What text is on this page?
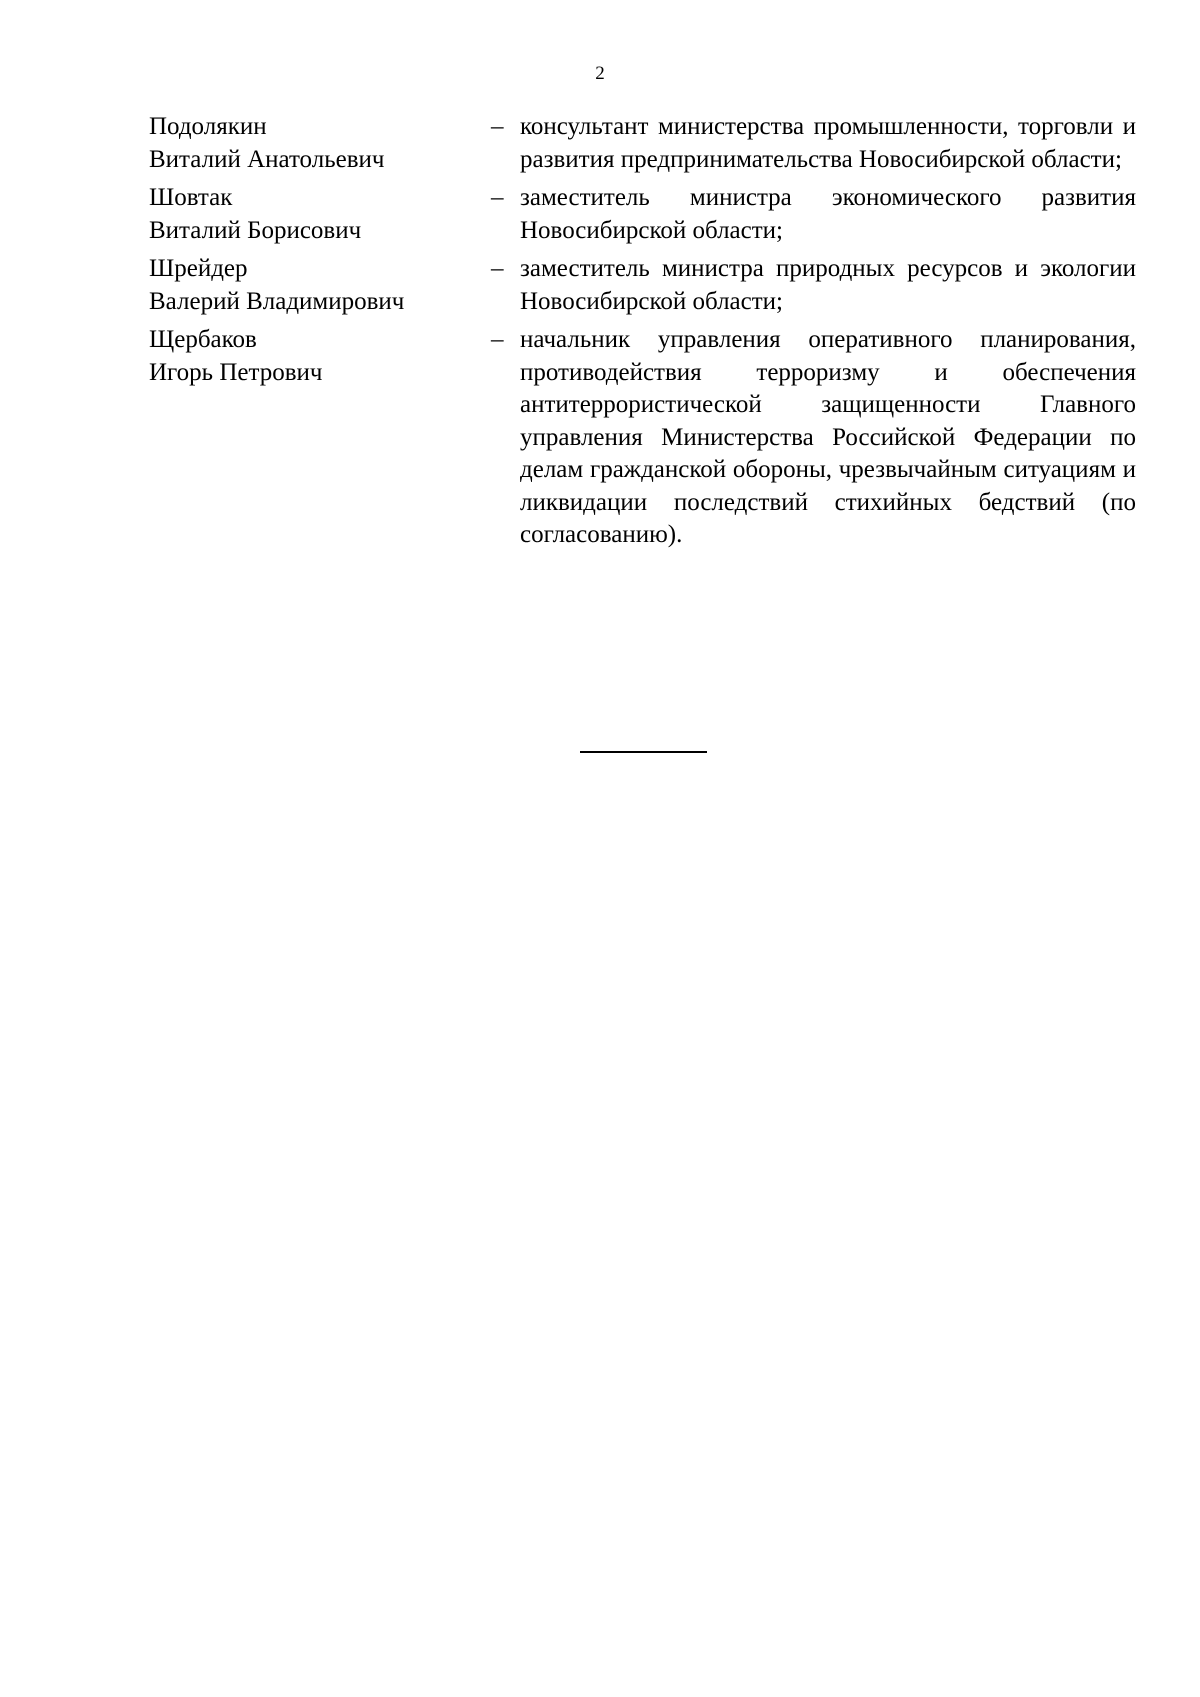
2
Подолякин
Виталий Анатольевич
– консультант министерства промышленности, торговли и развития предпринимательства Новосибирской области;
Шовтак
Виталий Борисович
– заместитель министра экономического развития Новосибирской области;
Шрейдер
Валерий Владимирович
– заместитель министра природных ресурсов и экологии Новосибирской области;
Щербаков
Игорь Петрович
– начальник управления оперативного планирования, противодействия терроризму и обеспечения антитеррористической защищенности Главного управления Министерства Российской Федерации по делам гражданской обороны, чрезвычайным ситуациям и ликвидации последствий стихийных бедствий (по согласованию).
